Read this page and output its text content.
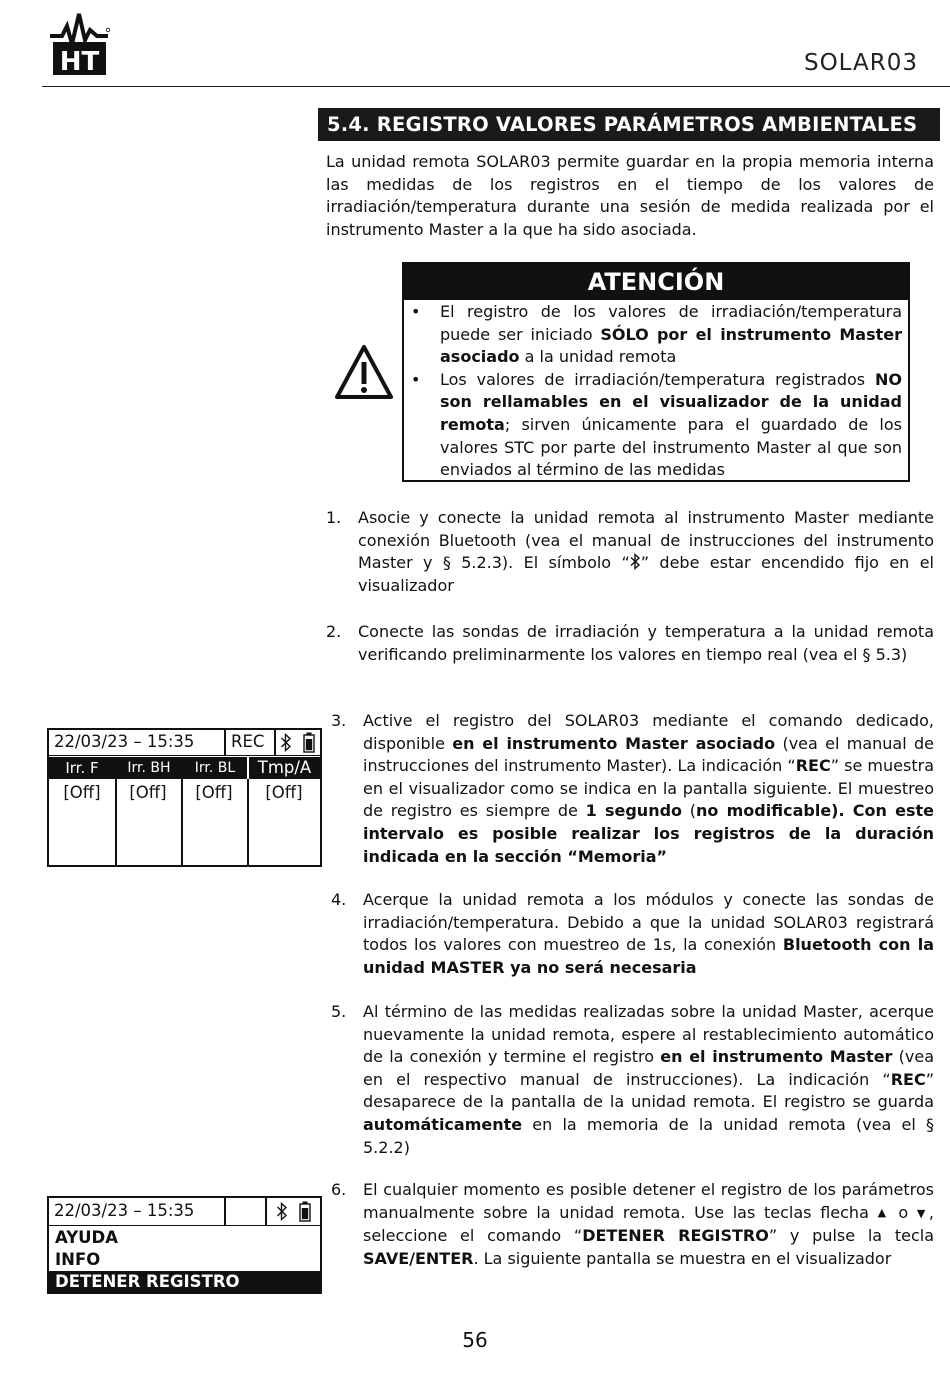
HT	SOLAR03
5.4. REGISTRO VALORES PARÁMETROS AMBIENTALES
La unidad remota SOLAR03 permite guardar en la propia memoria interna las medidas de los registros en el tiempo de los valores de irradiación/temperatura durante una sesión de medida realizada por el instrumento Master a la que ha sido asociada.
ATENCIÓN
• El registro de los valores de irradiación/temperatura puede ser iniciado SÓLO por el instrumento Master asociado a la unidad remota
• Los valores de irradiación/temperatura registrados NO son rellamables en el visualizador de la unidad remota; sirven únicamente para el guardado de los valores STC por parte del instrumento Master al que son enviados al término de las medidas
1. Asocie y conecte la unidad remota al instrumento Master mediante conexión Bluetooth (vea el manual de instrucciones del instrumento Master y § 5.2.3). El símbolo “ ” debe estar encendido fijo en el visualizador
2. Conecte las sondas de irradiación y temperatura a la unidad remota verificando preliminarmente los valores en tiempo real (vea el § 5.3)
3. Active el registro del SOLAR03 mediante el comando dedicado, disponible en el instrumento Master asociado (vea el manual de instrucciones del instrumento Master). La indicación “REC” se muestra en el visualizador como se indica en la pantalla siguiente. El muestreo de registro es siempre de 1 segundo (no modificable). Con este intervalo es posible realizar los registros de la duración indicada en la sección “Memoria”
4. Acerque la unidad remota a los módulos y conecte las sondas de irradiación/temperatura. Debido a que la unidad SOLAR03 registrará todos los valores con muestreo de 1s, la conexión Bluetooth con la unidad MASTER ya no será necesaria
5. Al término de las medidas realizadas sobre la unidad Master, acerque nuevamente la unidad remota, espere al restablecimiento automático de la conexión y termine el registro en el instrumento Master (vea en el respectivo manual de instrucciones). La indicación “REC” desaparece de la pantalla de la unidad remota. El registro se guarda automáticamente en la memoria de la unidad remota (vea el § 5.2.2)
6. El cualquier momento es posible detener el registro de los parámetros manualmente sobre la unidad remota. Use las teclas flecha ▲ o ▼, seleccione el comando “DETENER REGISTRO” y pulse la tecla SAVE/ENTER. La siguiente pantalla se muestra en el visualizador
22/03/23 – 15:35 REC
Irr. F	Irr. BH	Irr. BL	Tmp/A
[Off]	[Off]	[Off]	[Off]
22/03/23 – 15:35
AYUDA
INFO
DETENER REGISTRO
56
